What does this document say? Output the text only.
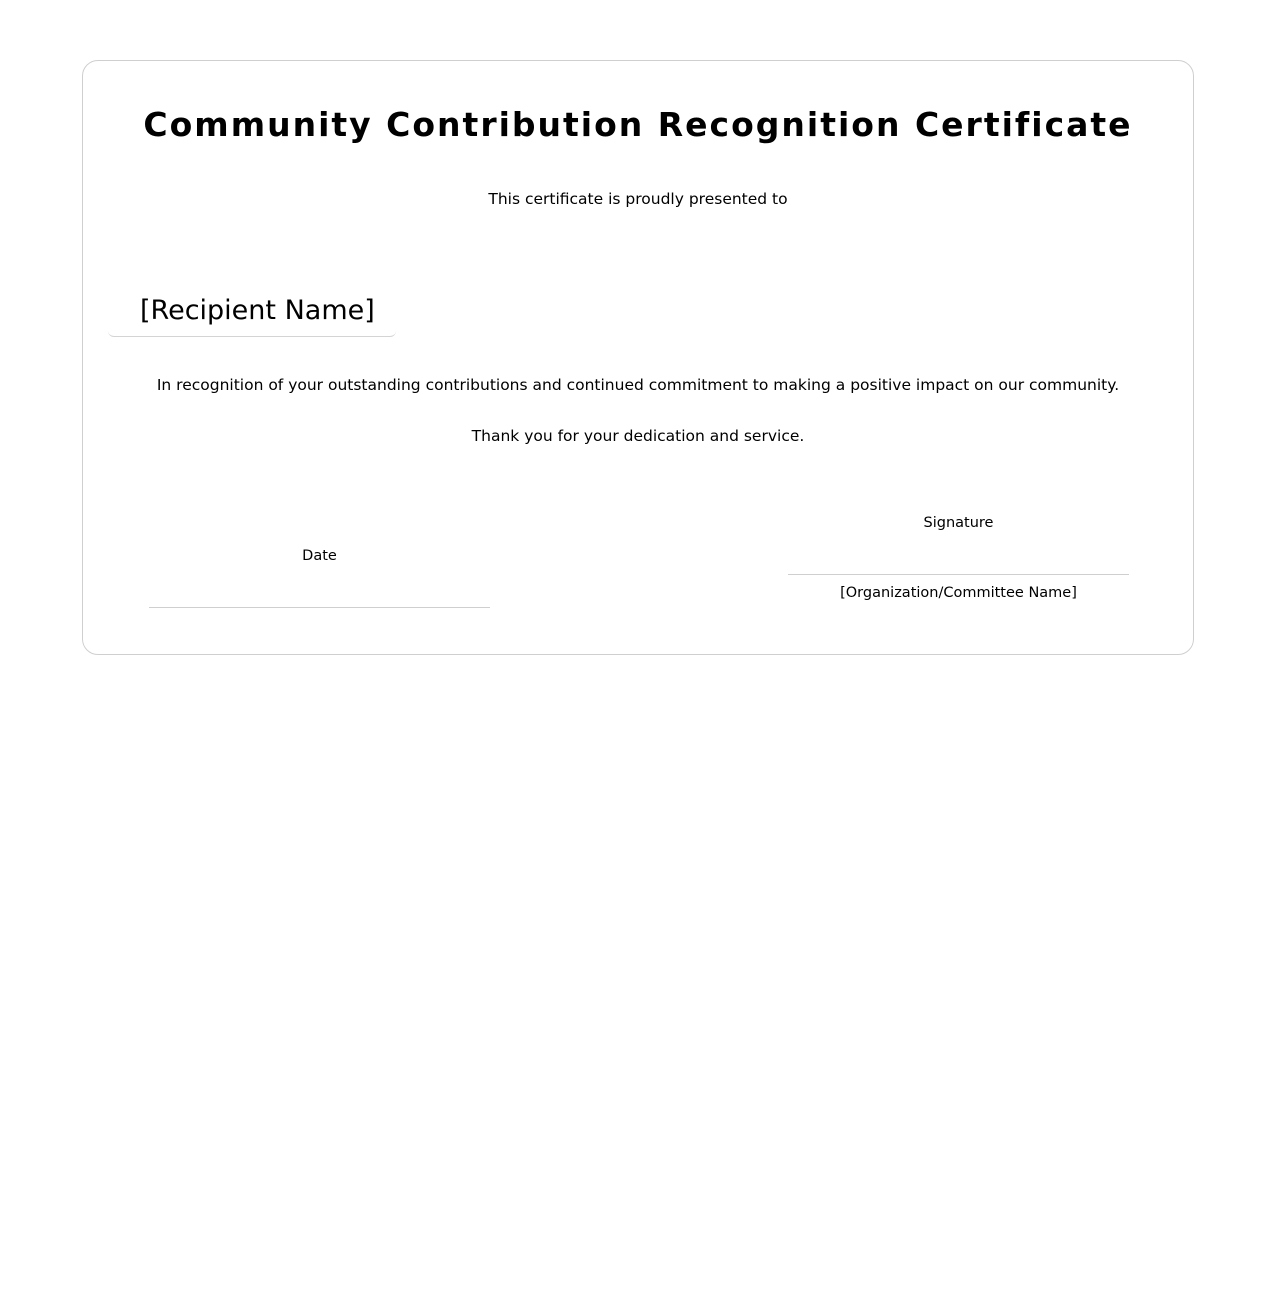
Community Contribution Recognition Certificate
This certificate is proudly presented to
[Recipient Name]
In recognition of your outstanding contributions and continued commitment to making a positive impact on our community.
Thank you for your dedication and service.
Date
Signature
[Organization/Committee Name]
